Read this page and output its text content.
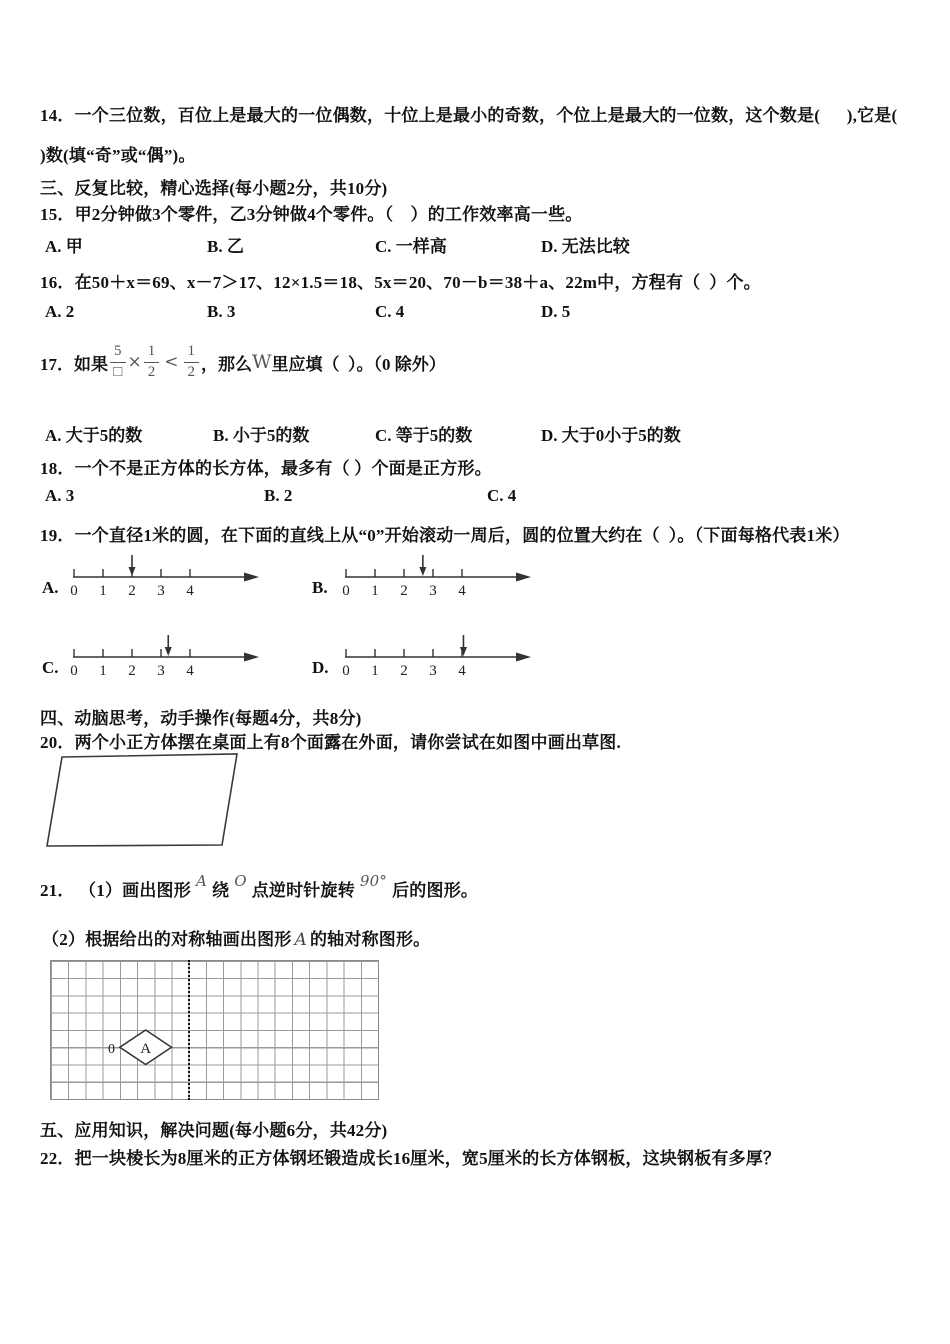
14．一个三位数，百位上是最大的一位偶数，十位上是最小的奇数，个位上是最大的一位数，这个数是(      ),它是(
)数(填“奇”或“偶”)。
三、反复比较，精心选择(每小题2分，共10分)
15．甲2分钟做3个零件，乙3分钟做4个零件。（　）的工作效率高一些。
A. 甲	B. 乙	C. 一样高	D. 无法比较
16．在50＋x＝69、x－7＞17、12×1.5＝18、5x＝20、70－b＝38＋a、22m中，方程有（  ）个。
A. 2	B. 3	C. 4	D. 5
17．如果 $\frac{5}{□} \times \frac{1}{2} < \frac{1}{2}$ ，那么 W 里应填（  ）。（0 除外）
A. 大于5的数	B. 小于5的数	C. 等于5的数	D. 大于0小于5的数
18．一个不是正方体的长方体，最多有（ ）个面是正方形。
A. 3	B. 2	C. 4
19．一个直径1米的圆，在下面的直线上从“0”开始滚动一周后，圆的位置大约在（  ）。（下面每格代表1米）
A. 0 1 2 3 4	B. 0 1 2 3 4
C. 0 1 2 3 4	D. 0 1 2 3 4
四、动脑思考，动手操作(每题4分，共8分)
20．两个小正方体摆在桌面上有8个面露在外面，请你尝试在如图中画出草图.
21． （1）画出图形 A 绕 O 点逆时针旋转 90° 后的图形。
（2）根据给出的对称轴画出图形 A 的轴对称图形。
0 A
五、应用知识，解决问题(每小题6分，共42分)
22．把一块棱长为8厘米的正方体钢坯锻造成长16厘米，宽5厘米的长方体钢板，这块钢板有多厚？
